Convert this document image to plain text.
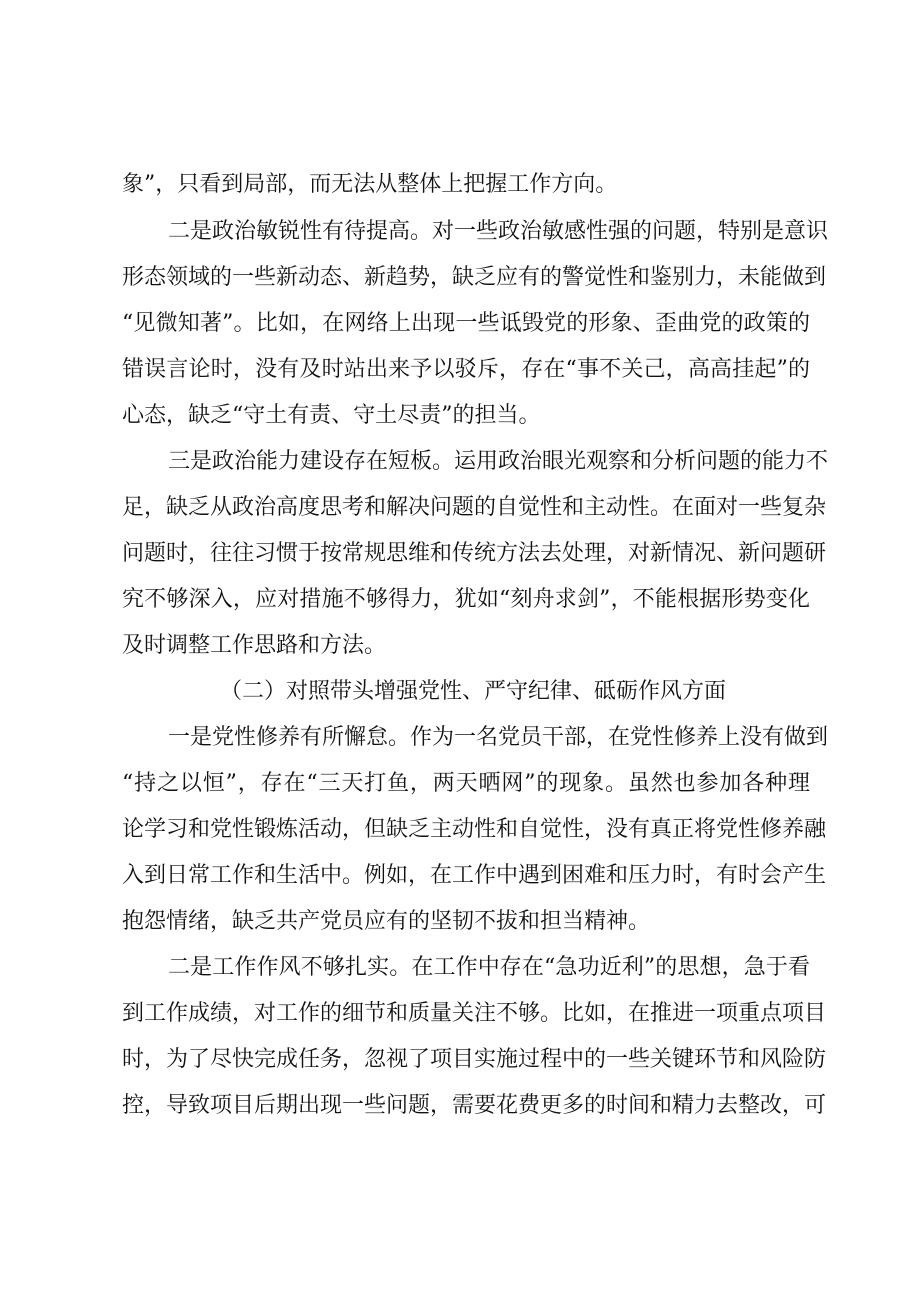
象”，只看到局部，而无法从整体上把握工作方向。
二是政治敏锐性有待提高。对一些政治敏感性强的问题，特别是意识
形态领域的一些新动态、新趋势，缺乏应有的警觉性和鉴别力，未能做到
“见微知著”。比如，在网络上出现一些诋毁党的形象、歪曲党的政策的
错误言论时，没有及时站出来予以驳斥，存在“事不关己，高高挂起”的
心态，缺乏“守土有责、守土尽责”的担当。
三是政治能力建设存在短板。运用政治眼光观察和分析问题的能力不
足，缺乏从政治高度思考和解决问题的自觉性和主动性。在面对一些复杂
问题时，往往习惯于按常规思维和传统方法去处理，对新情况、新问题研
究不够深入，应对措施不够得力，犹如“刻舟求剑”，不能根据形势变化
及时调整工作思路和方法。
（二）对照带头增强党性、严守纪律、砥砺作风方面
一是党性修养有所懈怠。作为一名党员干部，在党性修养上没有做到
“持之以恒”，存在“三天打鱼，两天晒网”的现象。虽然也参加各种理
论学习和党性锻炼活动，但缺乏主动性和自觉性，没有真正将党性修养融
入到日常工作和生活中。例如，在工作中遇到困难和压力时，有时会产生
抱怨情绪，缺乏共产党员应有的坚韧不拔和担当精神。
二是工作作风不够扎实。在工作中存在“急功近利”的思想，急于看
到工作成绩，对工作的细节和质量关注不够。比如，在推进一项重点项目
时，为了尽快完成任务，忽视了项目实施过程中的一些关键环节和风险防
控，导致项目后期出现一些问题，需要花费更多的时间和精力去整改，可
